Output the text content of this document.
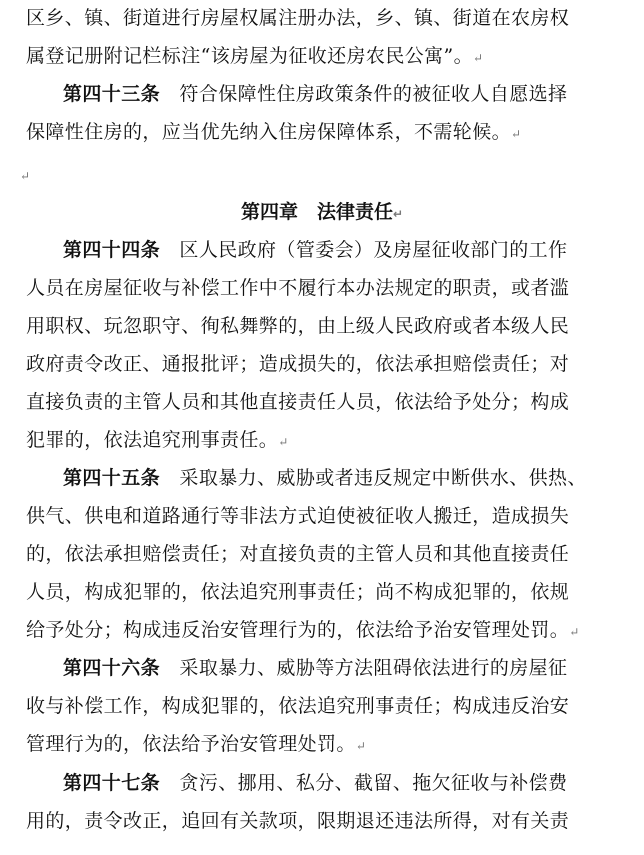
区乡、镇、街道进行房屋权属注册办法，乡、镇、街道在农房权
属登记册附记栏标注“该房屋为征收还房农民公寓”。↵
第四十三条　符合保障性住房政策条件的被征收人自愿选择
保障性住房的，应当优先纳入住房保障体系，不需轮候。↵
↵
第四章　法律责任↵
第四十四条　区人民政府（管委会）及房屋征收部门的工作
人员在房屋征收与补偿工作中不履行本办法规定的职责，或者滥
用职权、玩忽职守、徇私舞弊的，由上级人民政府或者本级人民
政府责令改正、通报批评；造成损失的，依法承担赔偿责任；对
直接负责的主管人员和其他直接责任人员，依法给予处分；构成
犯罪的，依法追究刑事责任。↵
第四十五条　采取暴力、威胁或者违反规定中断供水、供热、
供气、供电和道路通行等非法方式迫使被征收人搬迁，造成损失
的，依法承担赔偿责任；对直接负责的主管人员和其他直接责任
人员，构成犯罪的，依法追究刑事责任；尚不构成犯罪的，依规
给予处分；构成违反治安管理行为的，依法给予治安管理处罚。↵
第四十六条　采取暴力、威胁等方法阻碍依法进行的房屋征
收与补偿工作，构成犯罪的，依法追究刑事责任；构成违反治安
管理行为的，依法给予治安管理处罚。↵
第四十七条　贪污、挪用、私分、截留、拖欠征收与补偿费
用的，责令改正，追回有关款项，限期退还违法所得，对有关责
